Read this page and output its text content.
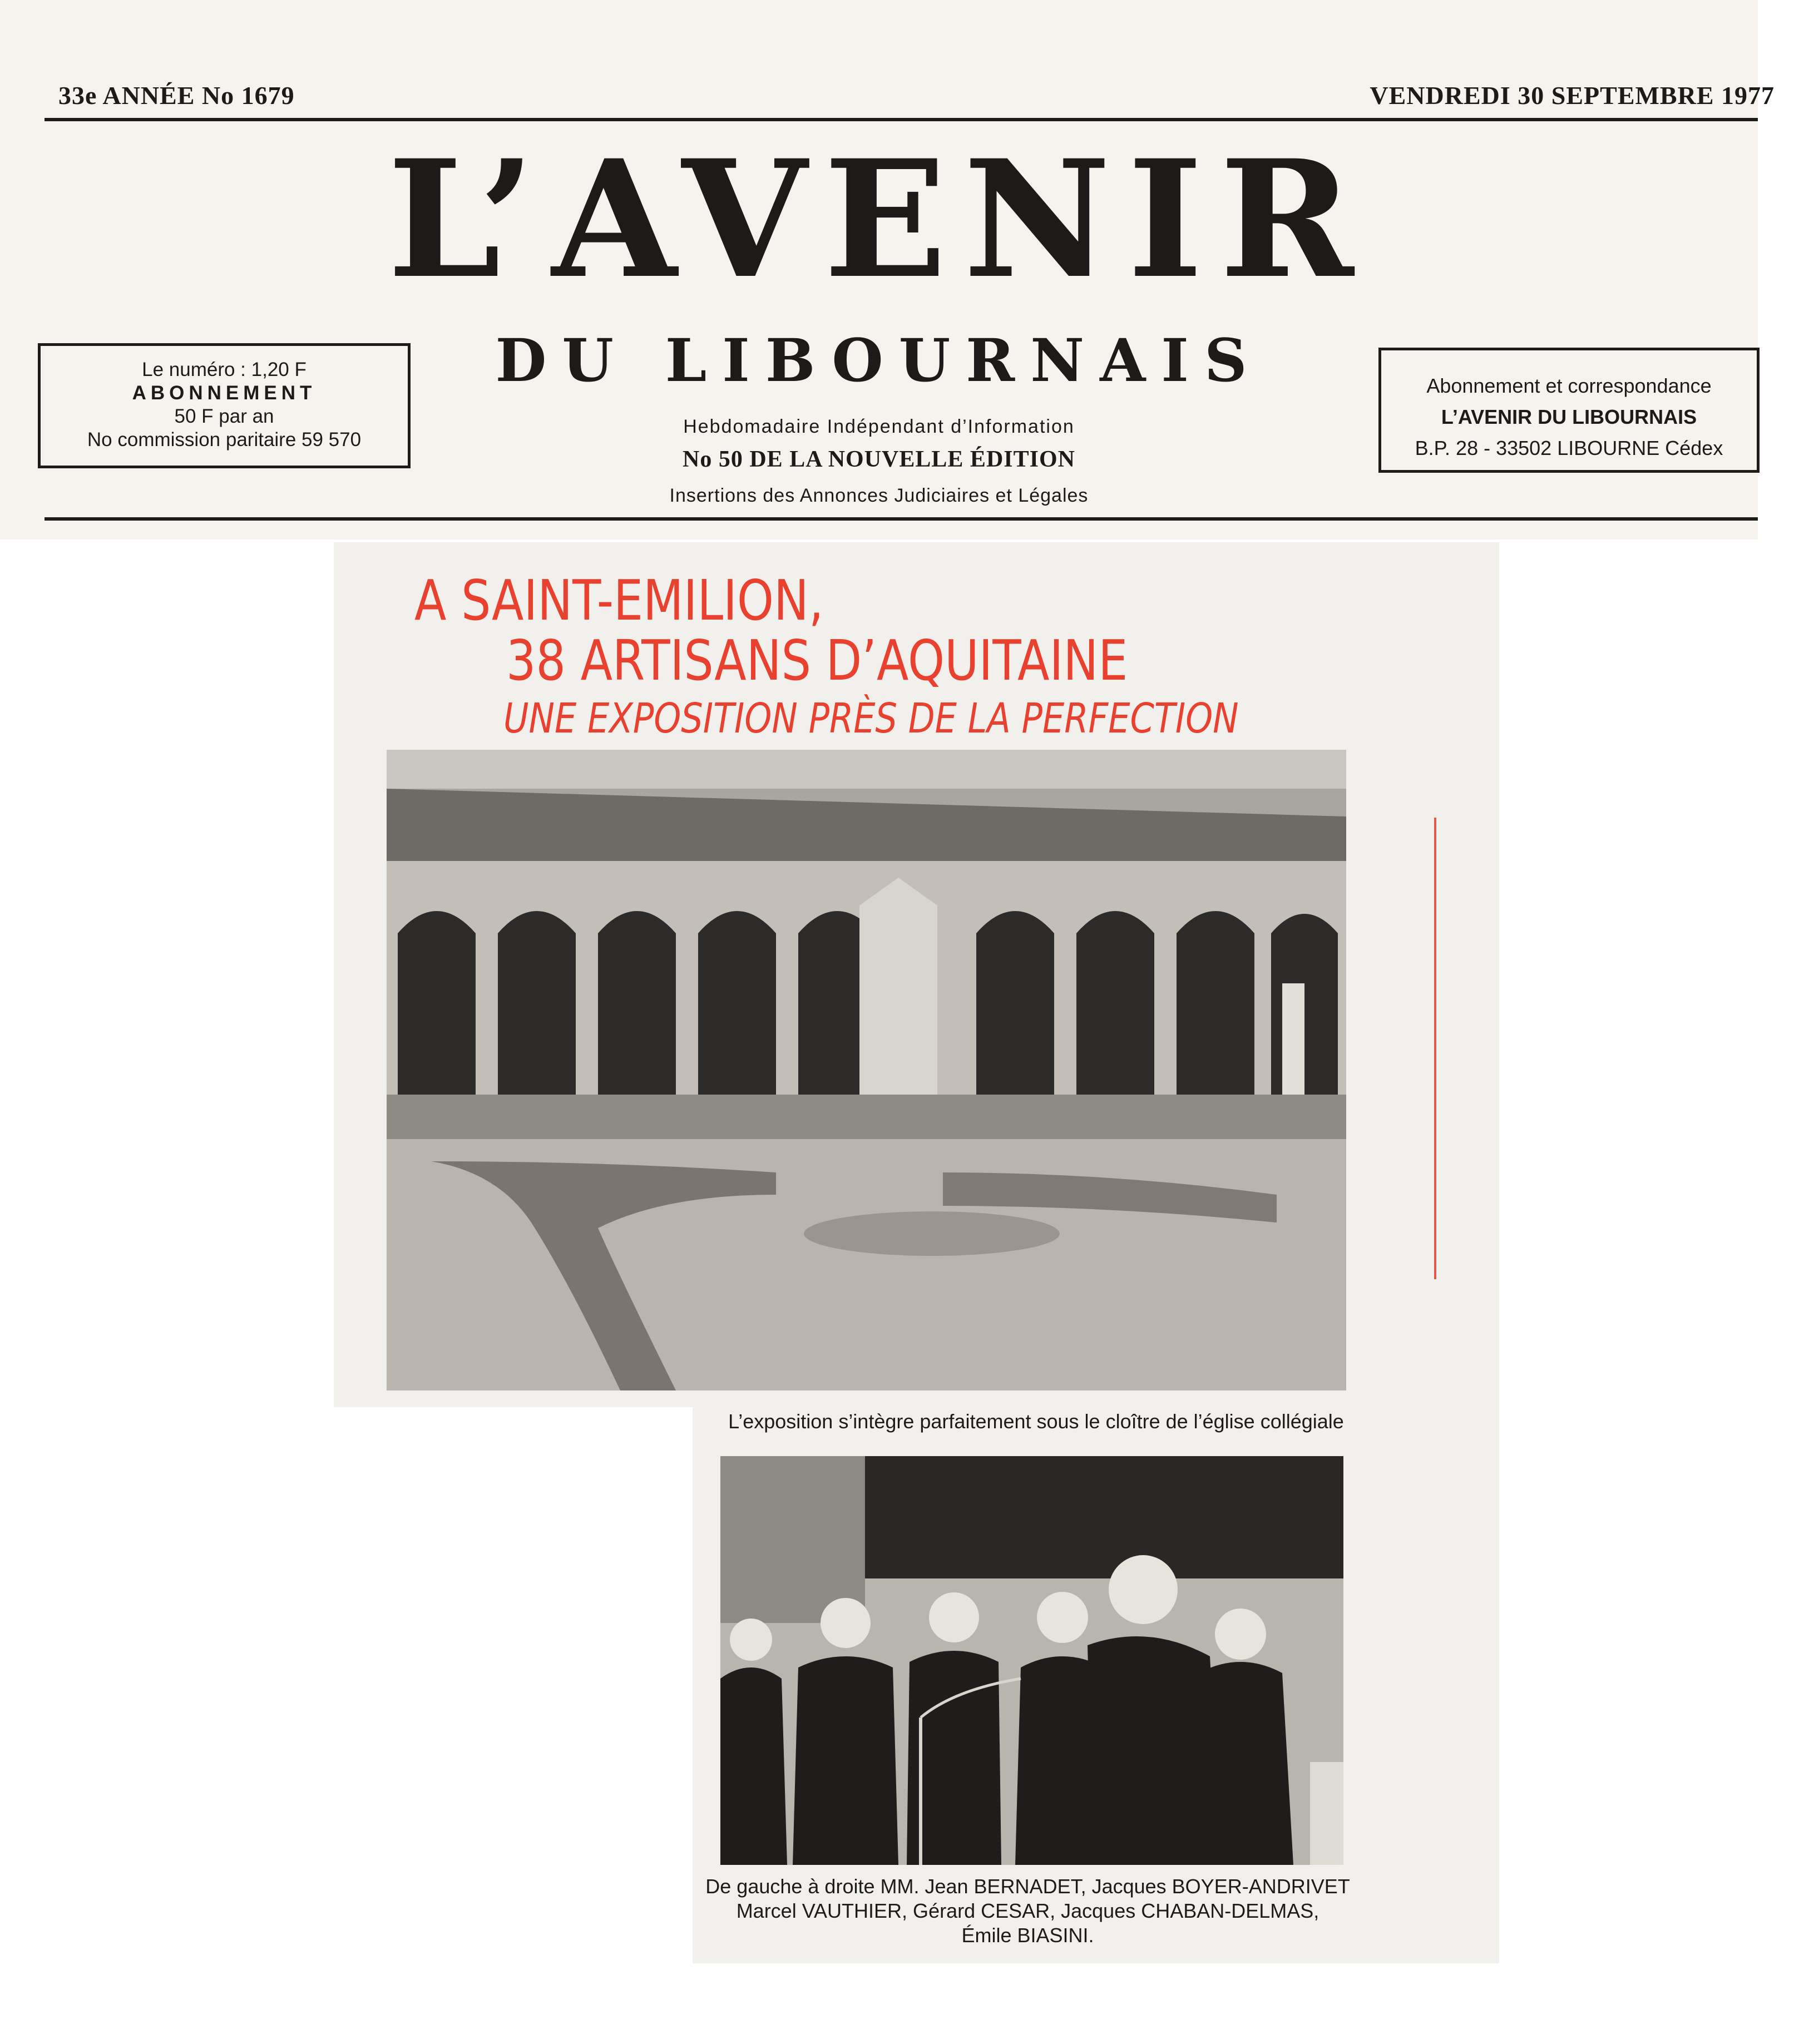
33e ANNÉE No 1679	VENDREDI 30 SEPTEMBRE 1977
L’AVENIR
DU LIBOURNAIS
Le numéro : 1,20 F
ABONNEMENT
50 F par an
No commission paritaire 59 570
Abonnement et correspondance
L’AVENIR DU LIBOURNAIS
B.P. 28 - 33502 LIBOURNE Cédex
Hebdomadaire Indépendant d’Information
No 50 DE LA NOUVELLE ÉDITION
Insertions des Annonces Judiciaires et Légales
A SAINT-EMILION,
38 ARTISANS D’AQUITAINE
UNE EXPOSITION PRÈS DE LA PERFECTION
L’exposition s’intègre parfaitement sous le cloître de l’église collégiale
De gauche à droite MM. Jean BERNADET, Jacques BOYER-ANDRIVET
Marcel VAUTHIER, Gérard CESAR, Jacques CHABAN-DELMAS,
Émile BIASINI.
